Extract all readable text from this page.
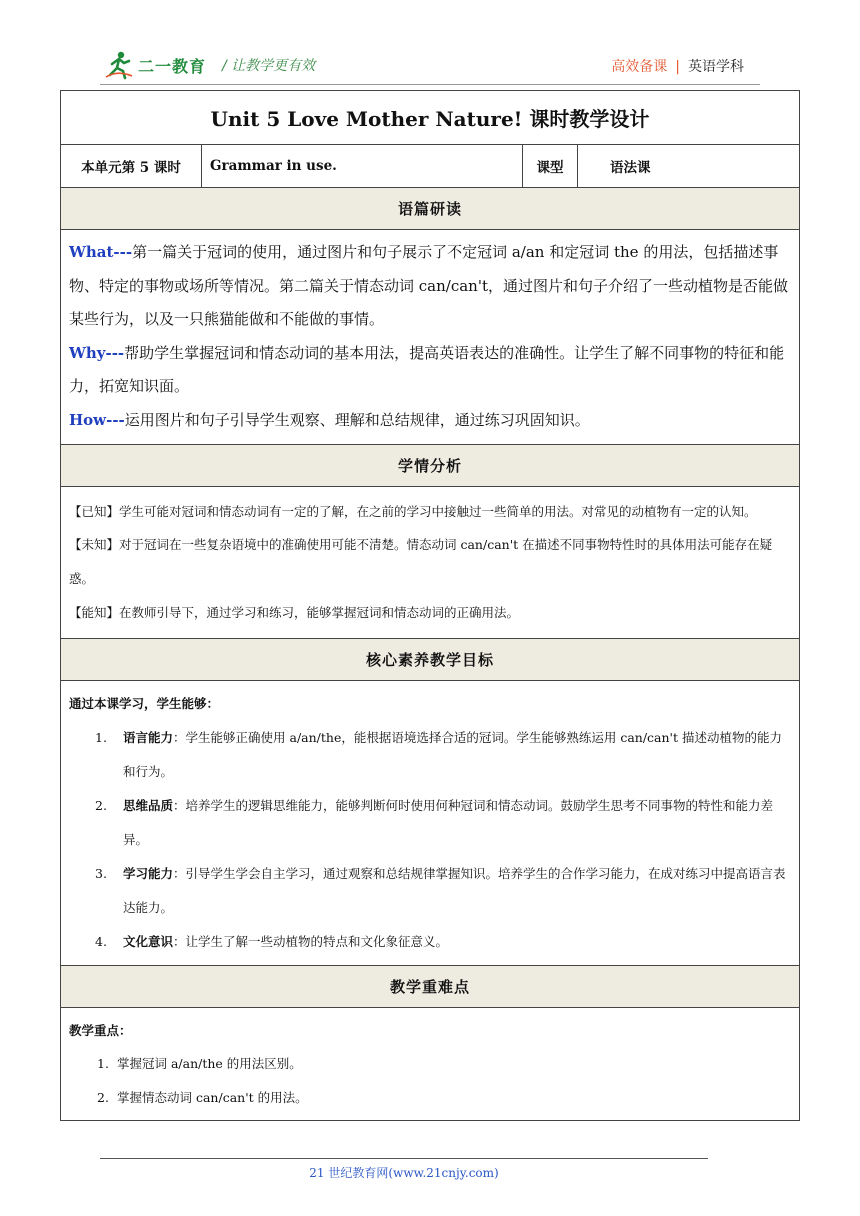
二一教育 / 让教学更有效	高效备课 | 英语学科
Unit 5 Love Mother Nature! 课时教学设计
本单元第 5 课时	Grammar in use.	课型	语法课
语篇研读

What---第一篇关于冠词的使用，通过图片和句子展示了不定冠词 a/an 和定冠词 the 的用法，包括描述事物、特定的事物或场所等情况。第二篇关于情态动词 can/can't，通过图片和句子介绍了一些动植物是否能做某些行为，以及一只熊猫能做和不能做的事情。
Why---帮助学生掌握冠词和情态动词的基本用法，提高英语表达的准确性。让学生了解不同事物的特征和能力，拓宽知识面。
How---运用图片和句子引导学生观察、理解和总结规律，通过练习巩固知识。

学情分析

【已知】学生可能对冠词和情态动词有一定的了解，在之前的学习中接触过一些简单的用法。对常见的动植物有一定的认知。
【未知】对于冠词在一些复杂语境中的准确使用可能不清楚。情态动词 can/can't 在描述不同事物特性时的具体用法可能存在疑惑。
【能知】在教师引导下，通过学习和练习，能够掌握冠词和情态动词的正确用法。

核心素养教学目标

通过本课学习，学生能够：
1. 语言能力：学生能够正确使用 a/an/the，能根据语境选择合适的冠词。学生能够熟练运用 can/can't 描述动植物的能力和行为。
2. 思维品质：培养学生的逻辑思维能力，能够判断何时使用何种冠词和情态动词。鼓励学生思考不同事物的特性和能力差异。
3. 学习能力：引导学生学会自主学习，通过观察和总结规律掌握知识。培养学生的合作学习能力，在成对练习中提高语言表达能力。
4. 文化意识：让学生了解一些动植物的特点和文化象征意义。

教学重难点

教学重点：
1. 掌握冠词 a/an/the 的用法区别。
2. 掌握情态动词 can/can't 的用法。
21 世纪教育网(www.21cnjy.com)
